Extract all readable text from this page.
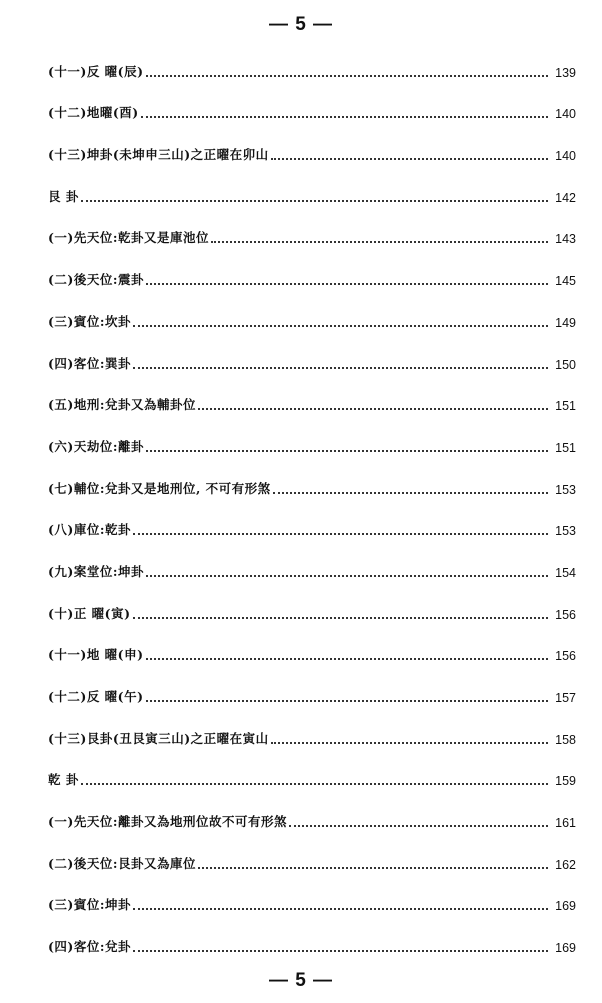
— 5 —
(十一)反 曜(辰)	139
(十二)地曜(酉)	140
(十三)坤卦(未坤申三山)之正曜在卯山	140
艮 卦	142
(一)先天位:乾卦又是庫池位	143
(二)後天位:震卦	145
(三)賓位:坎卦	149
(四)客位:巽卦	150
(五)地刑:兌卦又為輔卦位	151
(六)天劫位:離卦	151
(七)輔位:兌卦又是地刑位, 不可有形煞	153
(八)庫位:乾卦	153
(九)案堂位:坤卦	154
(十)正 曜(寅)	156
(十一)地 曜(申)	156
(十二)反 曜(午)	157
(十三)艮卦(丑艮寅三山)之正曜在寅山	158
乾 卦	159
(一)先天位:離卦又為地刑位故不可有形煞	161
(二)後天位:艮卦又為庫位	162
(三)賓位:坤卦	169
(四)客位:兌卦	169
— 5 —
